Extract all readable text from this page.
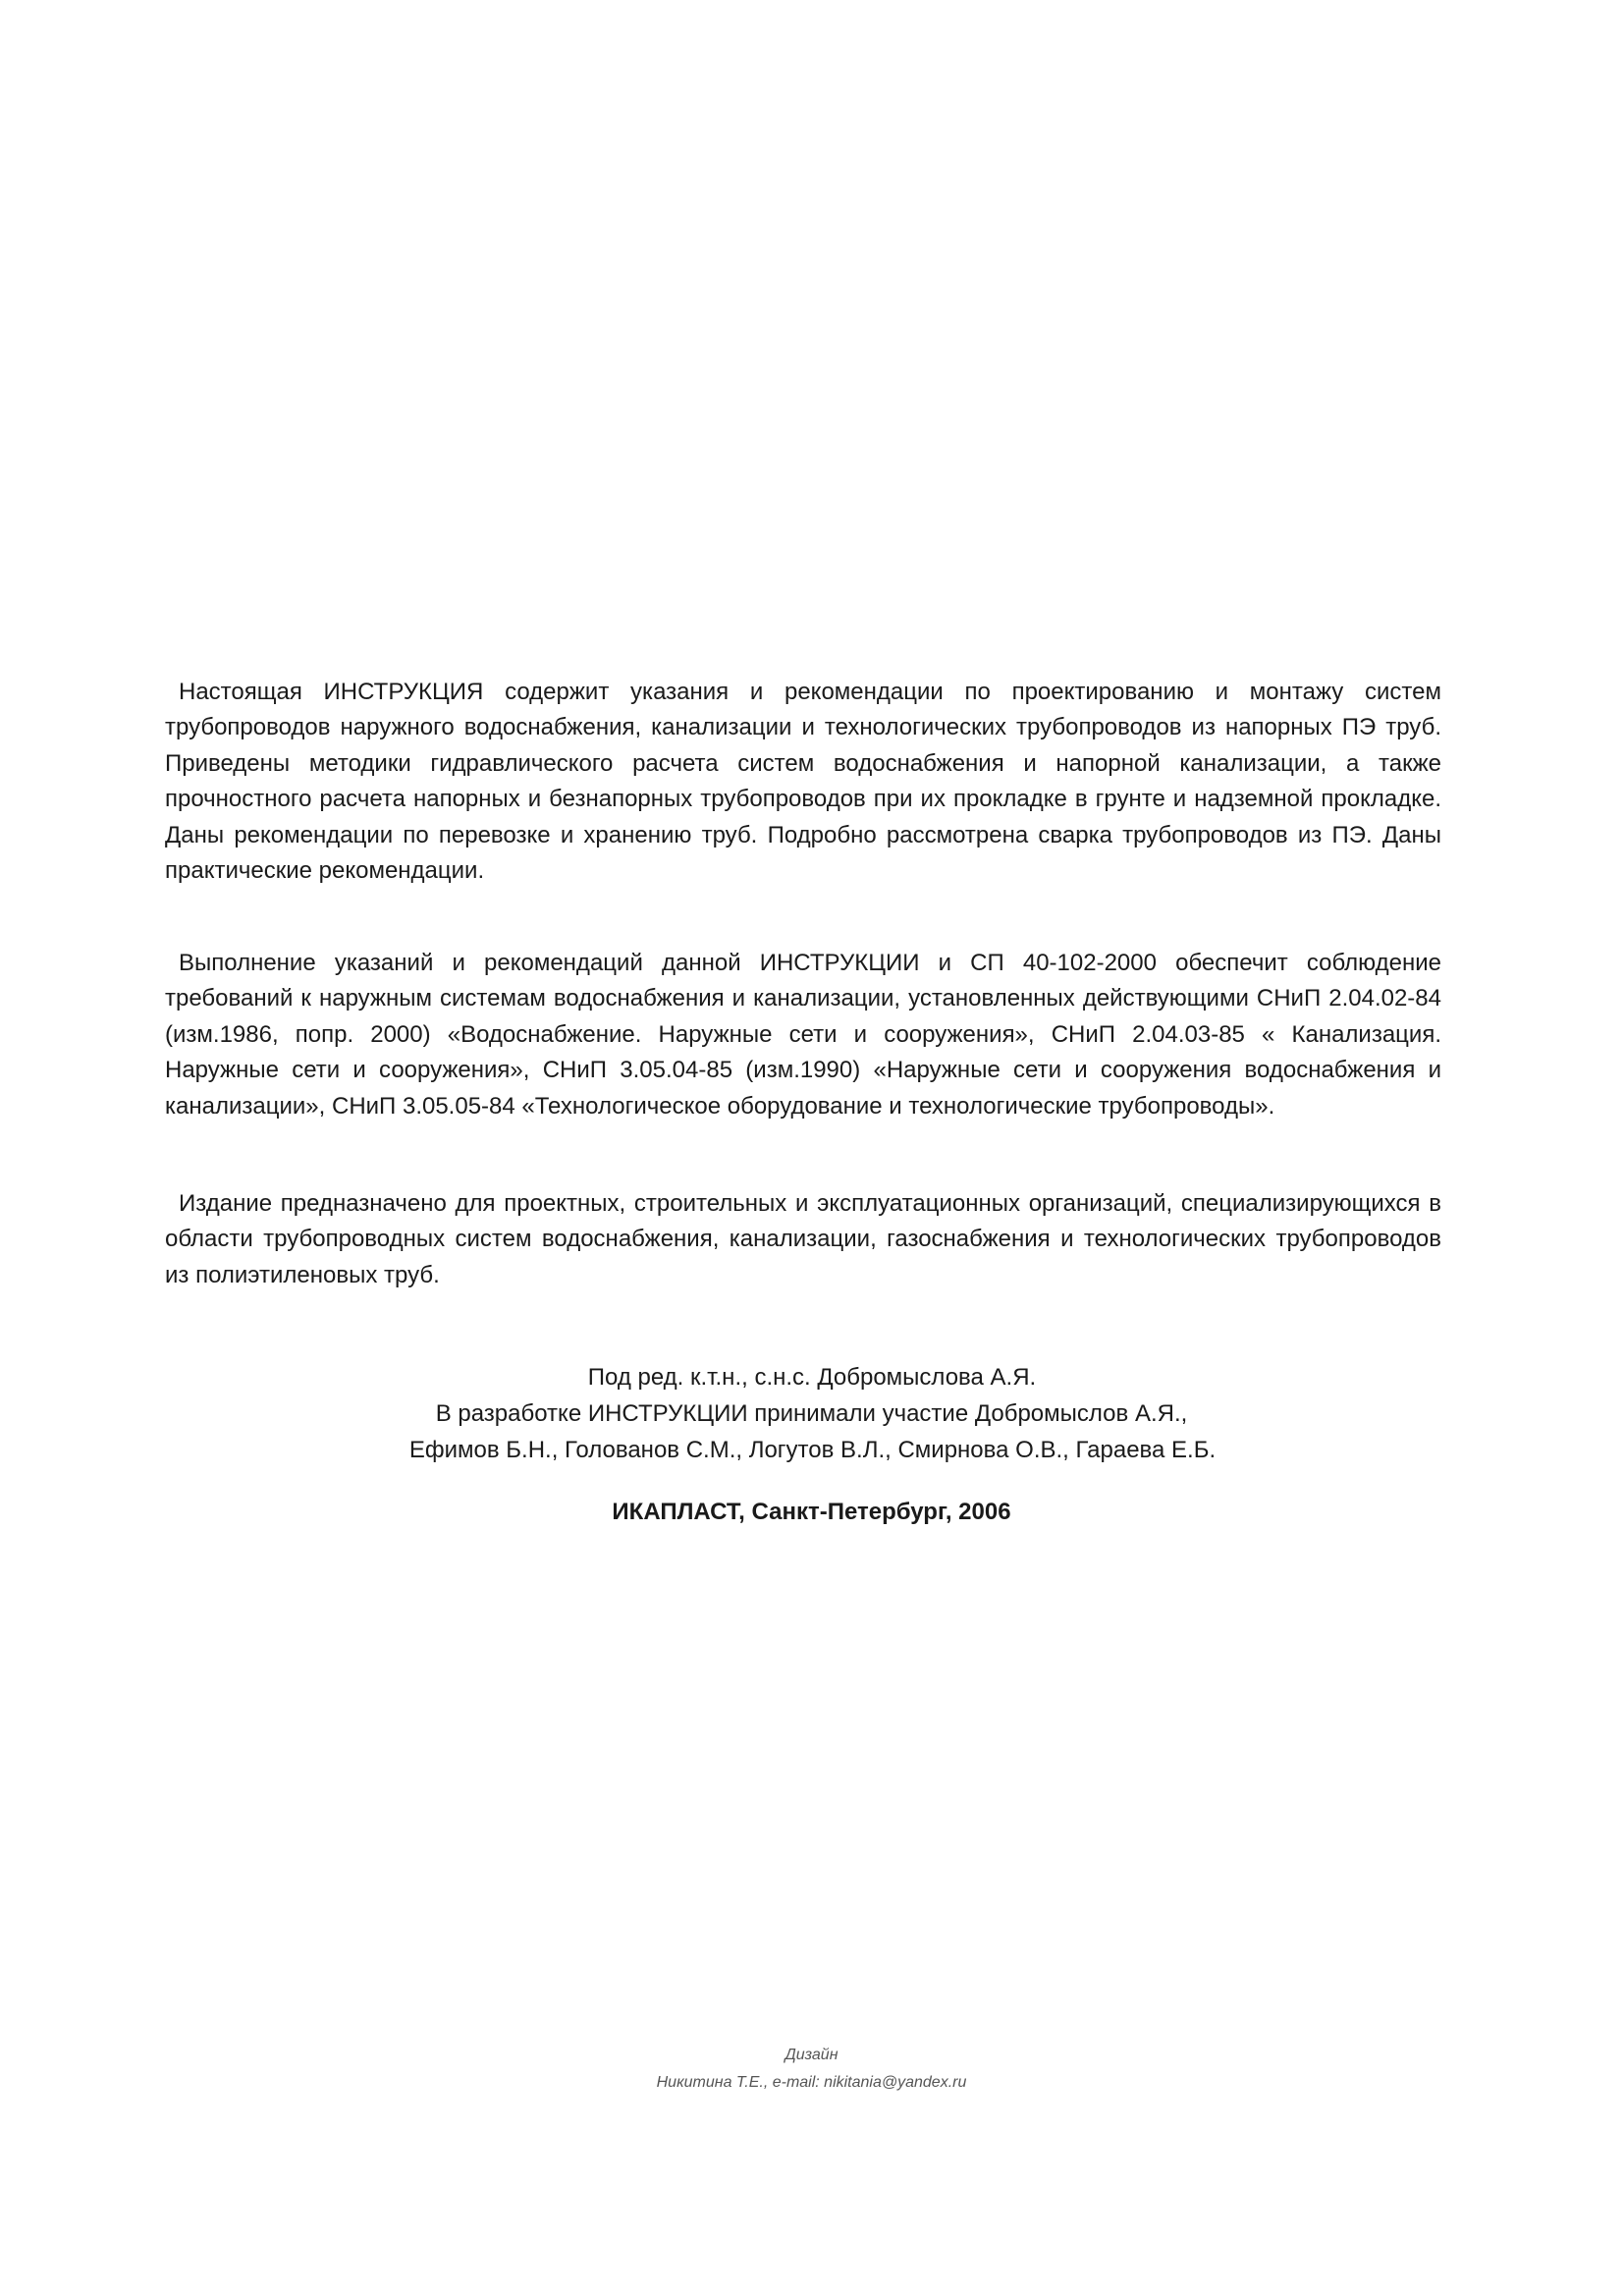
Настоящая ИНСТРУКЦИЯ содержит указания и рекомендации по проектированию и монтажу систем трубопроводов наружного водоснабжения, канализации и технологических трубопроводов из напорных ПЭ труб. Приведены методики гидравлического расчета систем водоснабжения и напорной канализации, а также прочностного расчета напорных и безнапорных трубопроводов при их прокладке в грунте и надземной прокладке. Даны рекомендации по перевозке и хранению труб. Подробно рассмотрена сварка трубопроводов из ПЭ. Даны практические рекомендации.

Выполнение указаний и рекомендаций данной ИНСТРУКЦИИ и СП 40-102-2000 обеспечит соблюдение требований к наружным системам водоснабжения и канализации, установленных действующими СНиП 2.04.02-84 (изм.1986, попр. 2000) «Водоснабжение. Наружные сети и сооружения», СНиП 2.04.03-85 « Канализация. Наружные сети и сооружения», СНиП 3.05.04-85 (изм.1990) «Наружные сети и сооружения водоснабжения и канализации», СНиП 3.05.05-84 «Технологическое оборудование и технологические трубопроводы».

Издание предназначено для проектных, строительных и эксплуатационных организаций, специализирующихся в области трубопроводных систем водоснабжения, канализации, газоснабжения и технологических трубопроводов из полиэтиленовых труб.

Под ред. к.т.н., с.н.с. Добромыслова А.Я.
В разработке ИНСТРУКЦИИ принимали участие Добромыслов А.Я.,
Ефимов Б.Н., Голованов С.М., Логутов В.Л., Смирнова О.В., Гараева Е.Б.
ИКАПЛАСТ, Санкт-Петербург, 2006
Дизайн
Никитина Т.Е., e-mail: nikitania@yandex.ru
